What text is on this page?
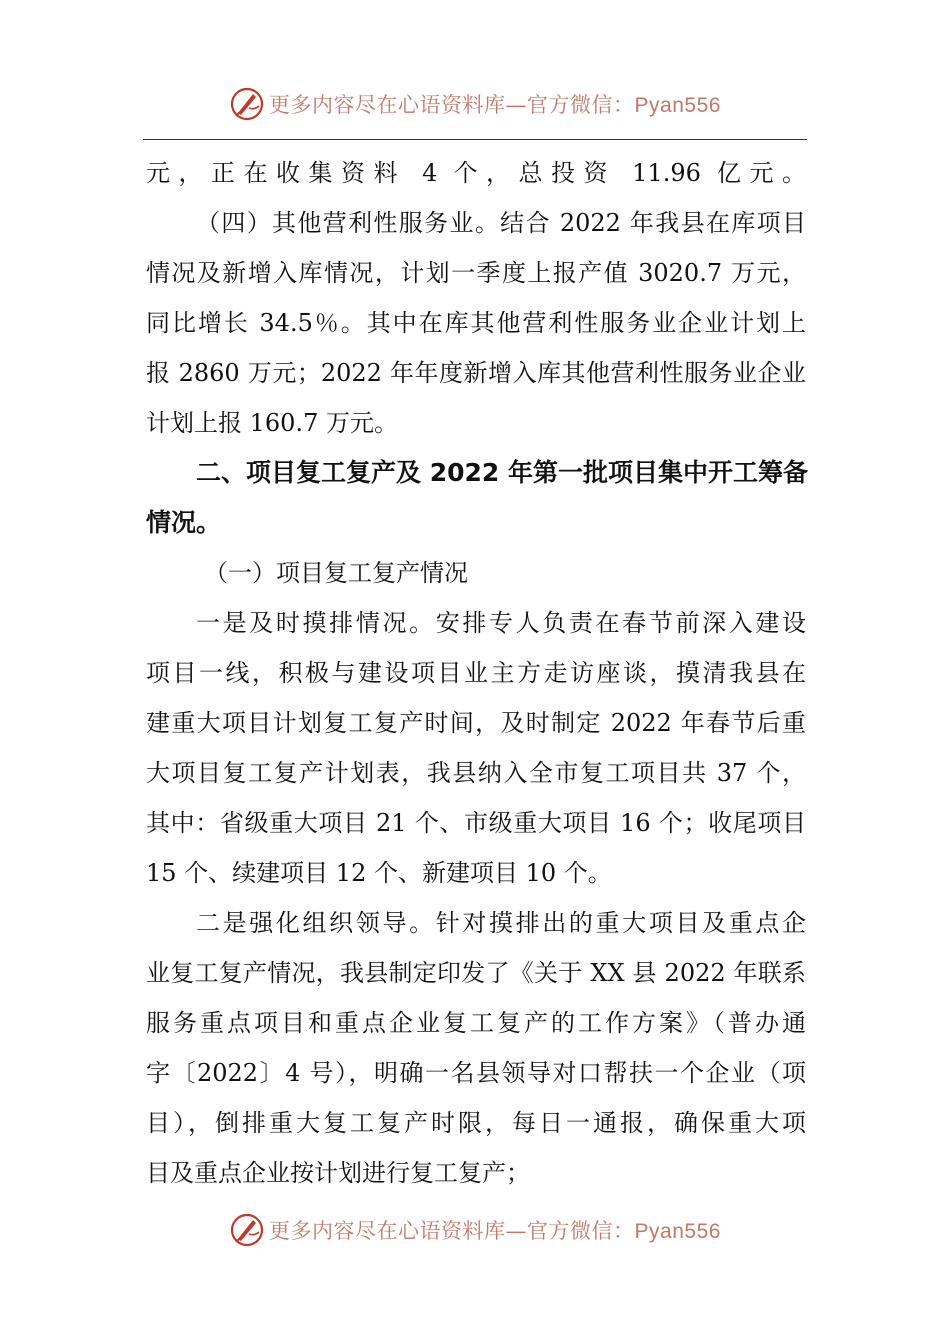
更多内容尽在心语资料库—官方微信：Pyan556
元，正在收集资料 4 个，总投资 11.96 亿元。
（四）其他营利性服务业。结合 2022 年我县在库项目
情况及新增入库情况，计划一季度上报产值 3020.7 万元，
同比增长 34.5％。其中在库其他营利性服务业企业计划上
报 2860 万元；2022 年年度新增入库其他营利性服务业企业
计划上报 160.7 万元。
二、项目复工复产及 2022 年第一批项目集中开工筹备
情况。
（一）项目复工复产情况
一是及时摸排情况。安排专人负责在春节前深入建设
项目一线，积极与建设项目业主方走访座谈，摸清我县在
建重大项目计划复工复产时间，及时制定 2022 年春节后重
大项目复工复产计划表，我县纳入全市复工项目共 37 个，
其中：省级重大项目 21 个、市级重大项目 16 个；收尾项目
15 个、续建项目 12 个、新建项目 10 个。
二是强化组织领导。针对摸排出的重大项目及重点企
业复工复产情况，我县制定印发了《关于 XX 县 2022 年联系
服务重点项目和重点企业复工复产的工作方案》（普办通
字〔2022〕4 号），明确一名县领导对口帮扶一个企业（项
目），倒排重大复工复产时限，每日一通报，确保重大项
目及重点企业按计划进行复工复产；
更多内容尽在心语资料库—官方微信：Pyan556
